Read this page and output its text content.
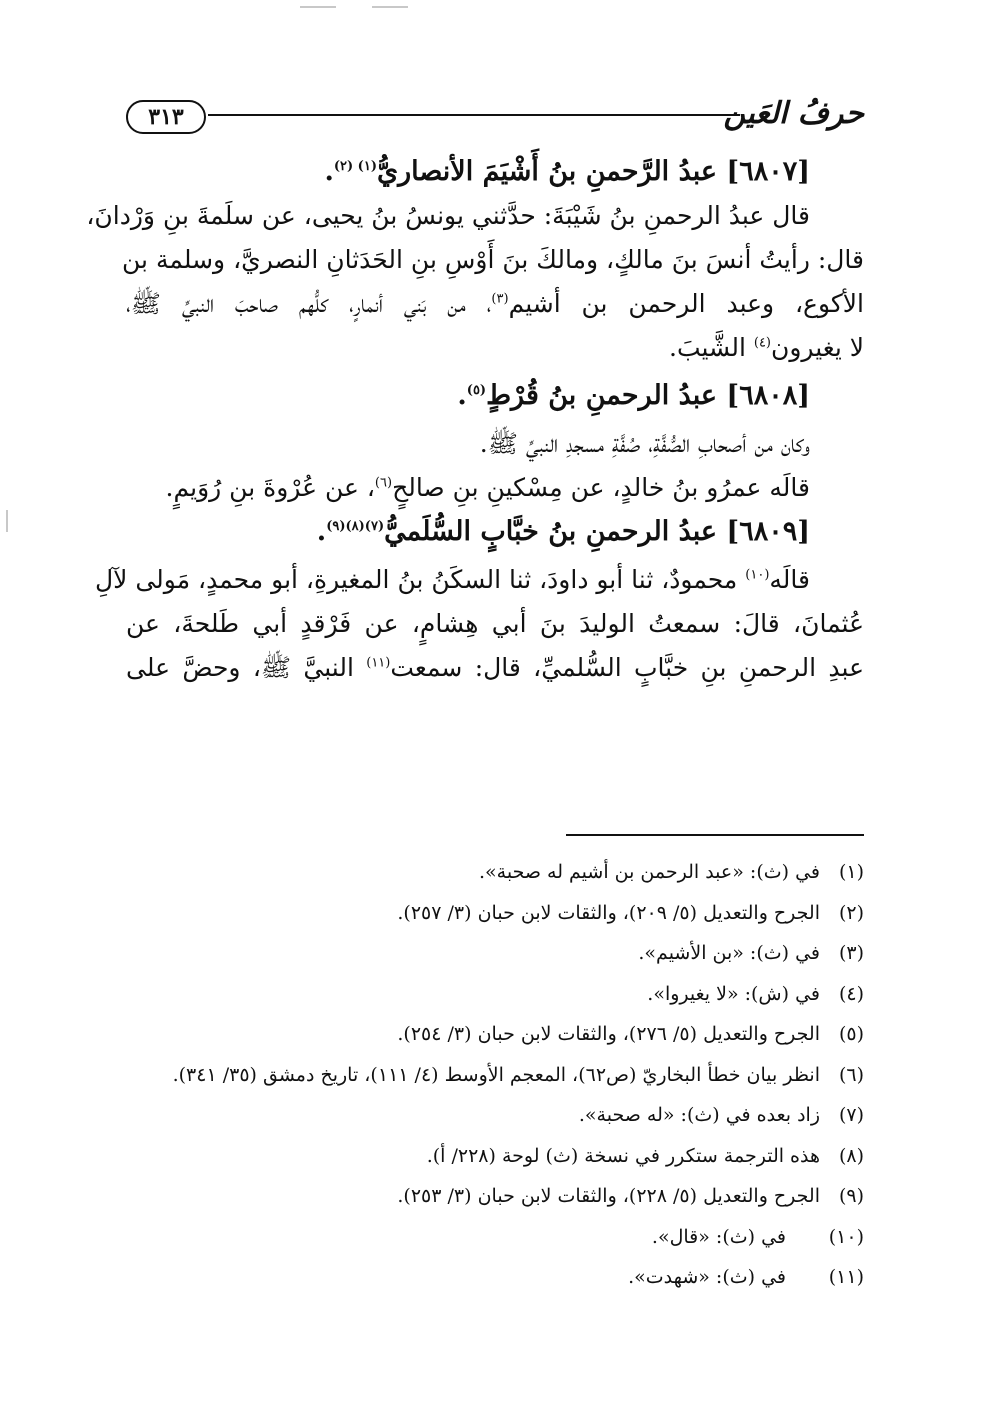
حرفُ العَين
٣١٣

[٦٨٠٧] عبدُ الرَّحمنِ بنُ أَشْيَمَ الأنصاريُّ$^{(١) (٢)}$.

قال عبدُ الرحمنِ بنُ شَيْبَةَ: حدَّثني يونسُ بنُ يحيى، عن سلَمةَ بنِ وَرْدانَ،

قال: رأيتُ أنسَ بنَ مالكٍ، ومالكَ بنَ أَوْسِ بنِ الحَدَثانِ النصريَّ، وسلمة بن

الأكوع، وعبد الرحمن بن أشيم$^{(٣)}$، من بَني أنمارٍ، كلُّهم صاحبَ النبيِّ ﷺ،

لا يغيرون$^{(٤)}$ الشَّيبَ.

[٦٨٠٨] عبدُ الرحمنِ بنُ قُرْطٍ$^{(٥)}$.

وكان من أصحابِ الصُّفَّةِ، صُفَّةِ مسجدِ النبيِّ ﷺ.

قالَه عمرُو بنُ خالدٍ، عن مِسْكينِ بنِ صالحٍ$^{(٦)}$، عن عُرْوةَ بنِ رُوَيمٍ.

[٦٨٠٩] عبدُ الرحمنِ بنُ خبَّابٍ السُّلَميُّ$^{(٧)(٨)(٩)}$.

قالَه$^{(١٠)}$ محمودٌ، ثنا أبو داودَ، ثنا السكَنُ بنُ المغيرةِ، أبو محمدٍ، مَولى لآلِ

عُثمانَ، قالَ: سمعتُ الوليدَ بنَ أبي هِشامٍ، عن فَرْقدٍ أبي طَلحةَ، عن

عبدِ الرحمنِ بنِ خبَّابٍ السُّلميِّ، قال: سمعت$^{(١١)}$ النبيَّ ﷺ، وحضَّ على

(١)
في (ث): «عبد الرحمن بن أشيم له صحبة».

(٢)
الجرح والتعديل (٥/ ٢٠٩)، والثقات لابن حبان (٣/ ٢٥٧).

(٣)
في (ث): «بن الأشيم».

(٤)
في (ش): «لا يغيروا».

(٥)
الجرح والتعديل (٥/ ٢٧٦)، والثقات لابن حبان (٣/ ٢٥٤).

(٦)
انظر بيان خطأ البخاريّ (ص٦٢)، المعجم الأوسط (٤/ ١١١)، تاريخ دمشق (٣٥/ ٣٤١).

(٧)
زاد بعده في (ث): «له صحبة».

(٨)
هذه الترجمة ستكرر في نسخة (ث) لوحة (٢٢٨/ أ).

(٩)
الجرح والتعديل (٥/ ٢٢٨)، والثقات لابن حبان (٣/ ٢٥٣).

(١٠)
في (ث): «قال».

(١١)
في (ث): «شهدت».
